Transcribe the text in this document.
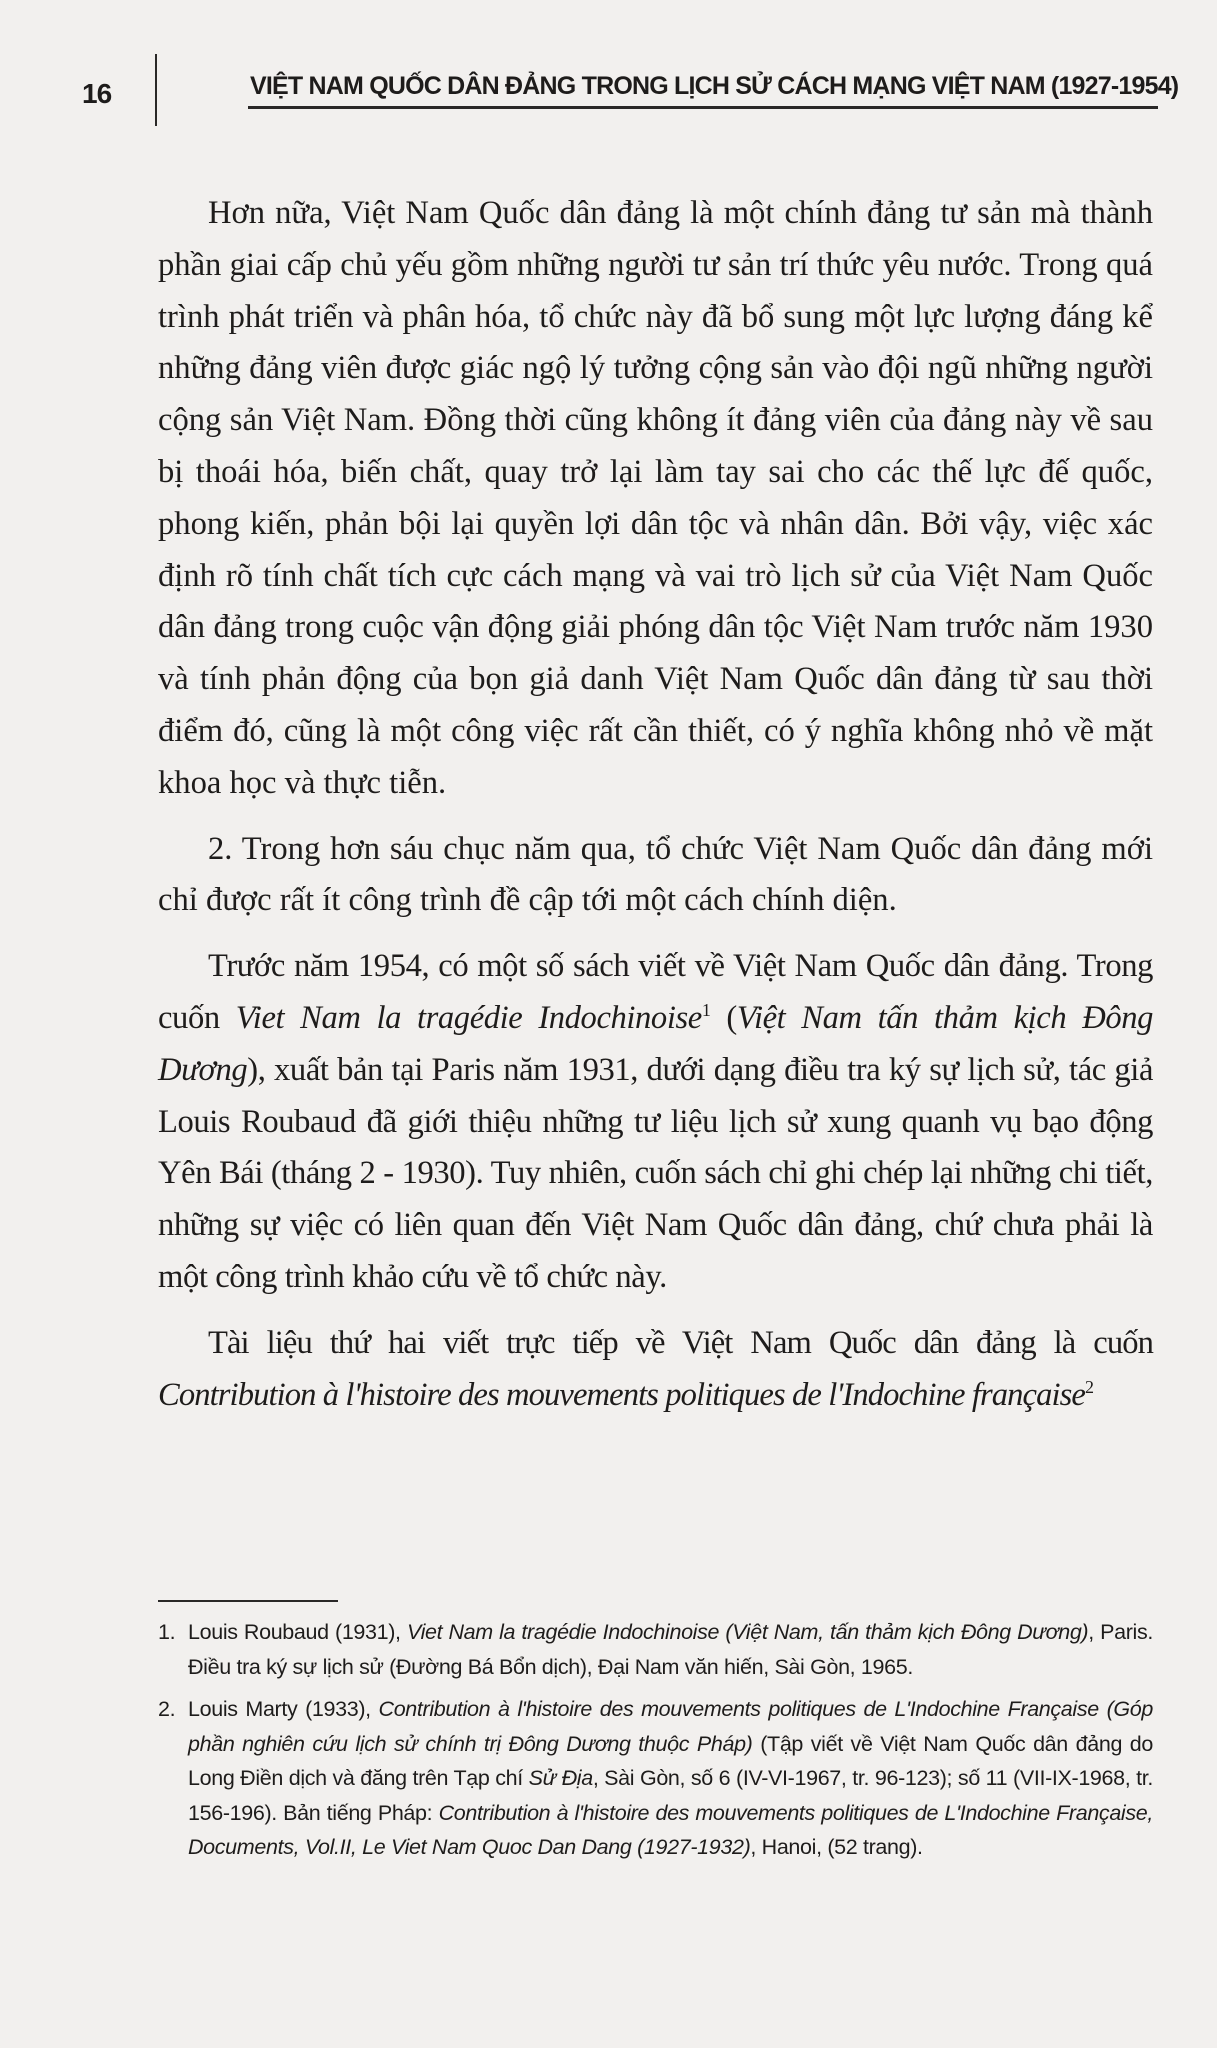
16	VIỆT NAM QUỐC DÂN ĐẢNG TRONG LỊCH SỬ CÁCH MẠNG VIỆT NAM (1927-1954)

Hơn nữa, Việt Nam Quốc dân đảng là một chính đảng tư sản mà thành phần giai cấp chủ yếu gồm những người tư sản trí thức yêu nước. Trong quá trình phát triển và phân hóa, tổ chức này đã bổ sung một lực lượng đáng kể những đảng viên được giác ngộ lý tưởng cộng sản vào đội ngũ những người cộng sản Việt Nam. Đồng thời cũng không ít đảng viên của đảng này về sau bị thoái hóa, biến chất, quay trở lại làm tay sai cho các thế lực đế quốc, phong kiến, phản bội lại quyền lợi dân tộc và nhân dân. Bởi vậy, việc xác định rõ tính chất tích cực cách mạng và vai trò lịch sử của Việt Nam Quốc dân đảng trong cuộc vận động giải phóng dân tộc Việt Nam trước năm 1930 và tính phản động của bọn giả danh Việt Nam Quốc dân đảng từ sau thời điểm đó, cũng là một công việc rất cần thiết, có ý nghĩa không nhỏ về mặt khoa học và thực tiễn.

2. Trong hơn sáu chục năm qua, tổ chức Việt Nam Quốc dân đảng mới chỉ được rất ít công trình đề cập tới một cách chính diện.

Trước năm 1954, có một số sách viết về Việt Nam Quốc dân đảng. Trong cuốn Viet Nam la tragédie Indochinoise$^1$ (Việt Nam tấn thảm kịch Đông Dương), xuất bản tại Paris năm 1931, dưới dạng điều tra ký sự lịch sử, tác giả Louis Roubaud đã giới thiệu những tư liệu lịch sử xung quanh vụ bạo động Yên Bái (tháng 2 - 1930). Tuy nhiên, cuốn sách chỉ ghi chép lại những chi tiết, những sự việc có liên quan đến Việt Nam Quốc dân đảng, chứ chưa phải là một công trình khảo cứu về tổ chức này.

Tài liệu thứ hai viết trực tiếp về Việt Nam Quốc dân đảng là cuốn Contribution à l'histoire des mouvements politiques de l'Indochine française$^2$

1. Louis Roubaud (1931), Viet Nam la tragédie Indochinoise (Việt Nam, tấn thảm kịch Đông Dương), Paris. Điều tra ký sự lịch sử (Đường Bá Bổn dịch), Đại Nam văn hiến, Sài Gòn, 1965.
2. Louis Marty (1933), Contribution à l'histoire des mouvements politiques de L'Indochine Française (Góp phần nghiên cứu lịch sử chính trị Đông Dương thuộc Pháp) (Tập viết về Việt Nam Quốc dân đảng do Long Điền dịch và đăng trên Tạp chí Sử Địa, Sài Gòn, số 6 (IV-VI-1967, tr. 96-123); số 11 (VII-IX-1968, tr. 156-196). Bản tiếng Pháp: Contribution à l'histoire des mouvements politiques de L'Indochine Française, Documents, Vol.II, Le Viet Nam Quoc Dan Dang (1927-1932), Hanoi, (52 trang).
